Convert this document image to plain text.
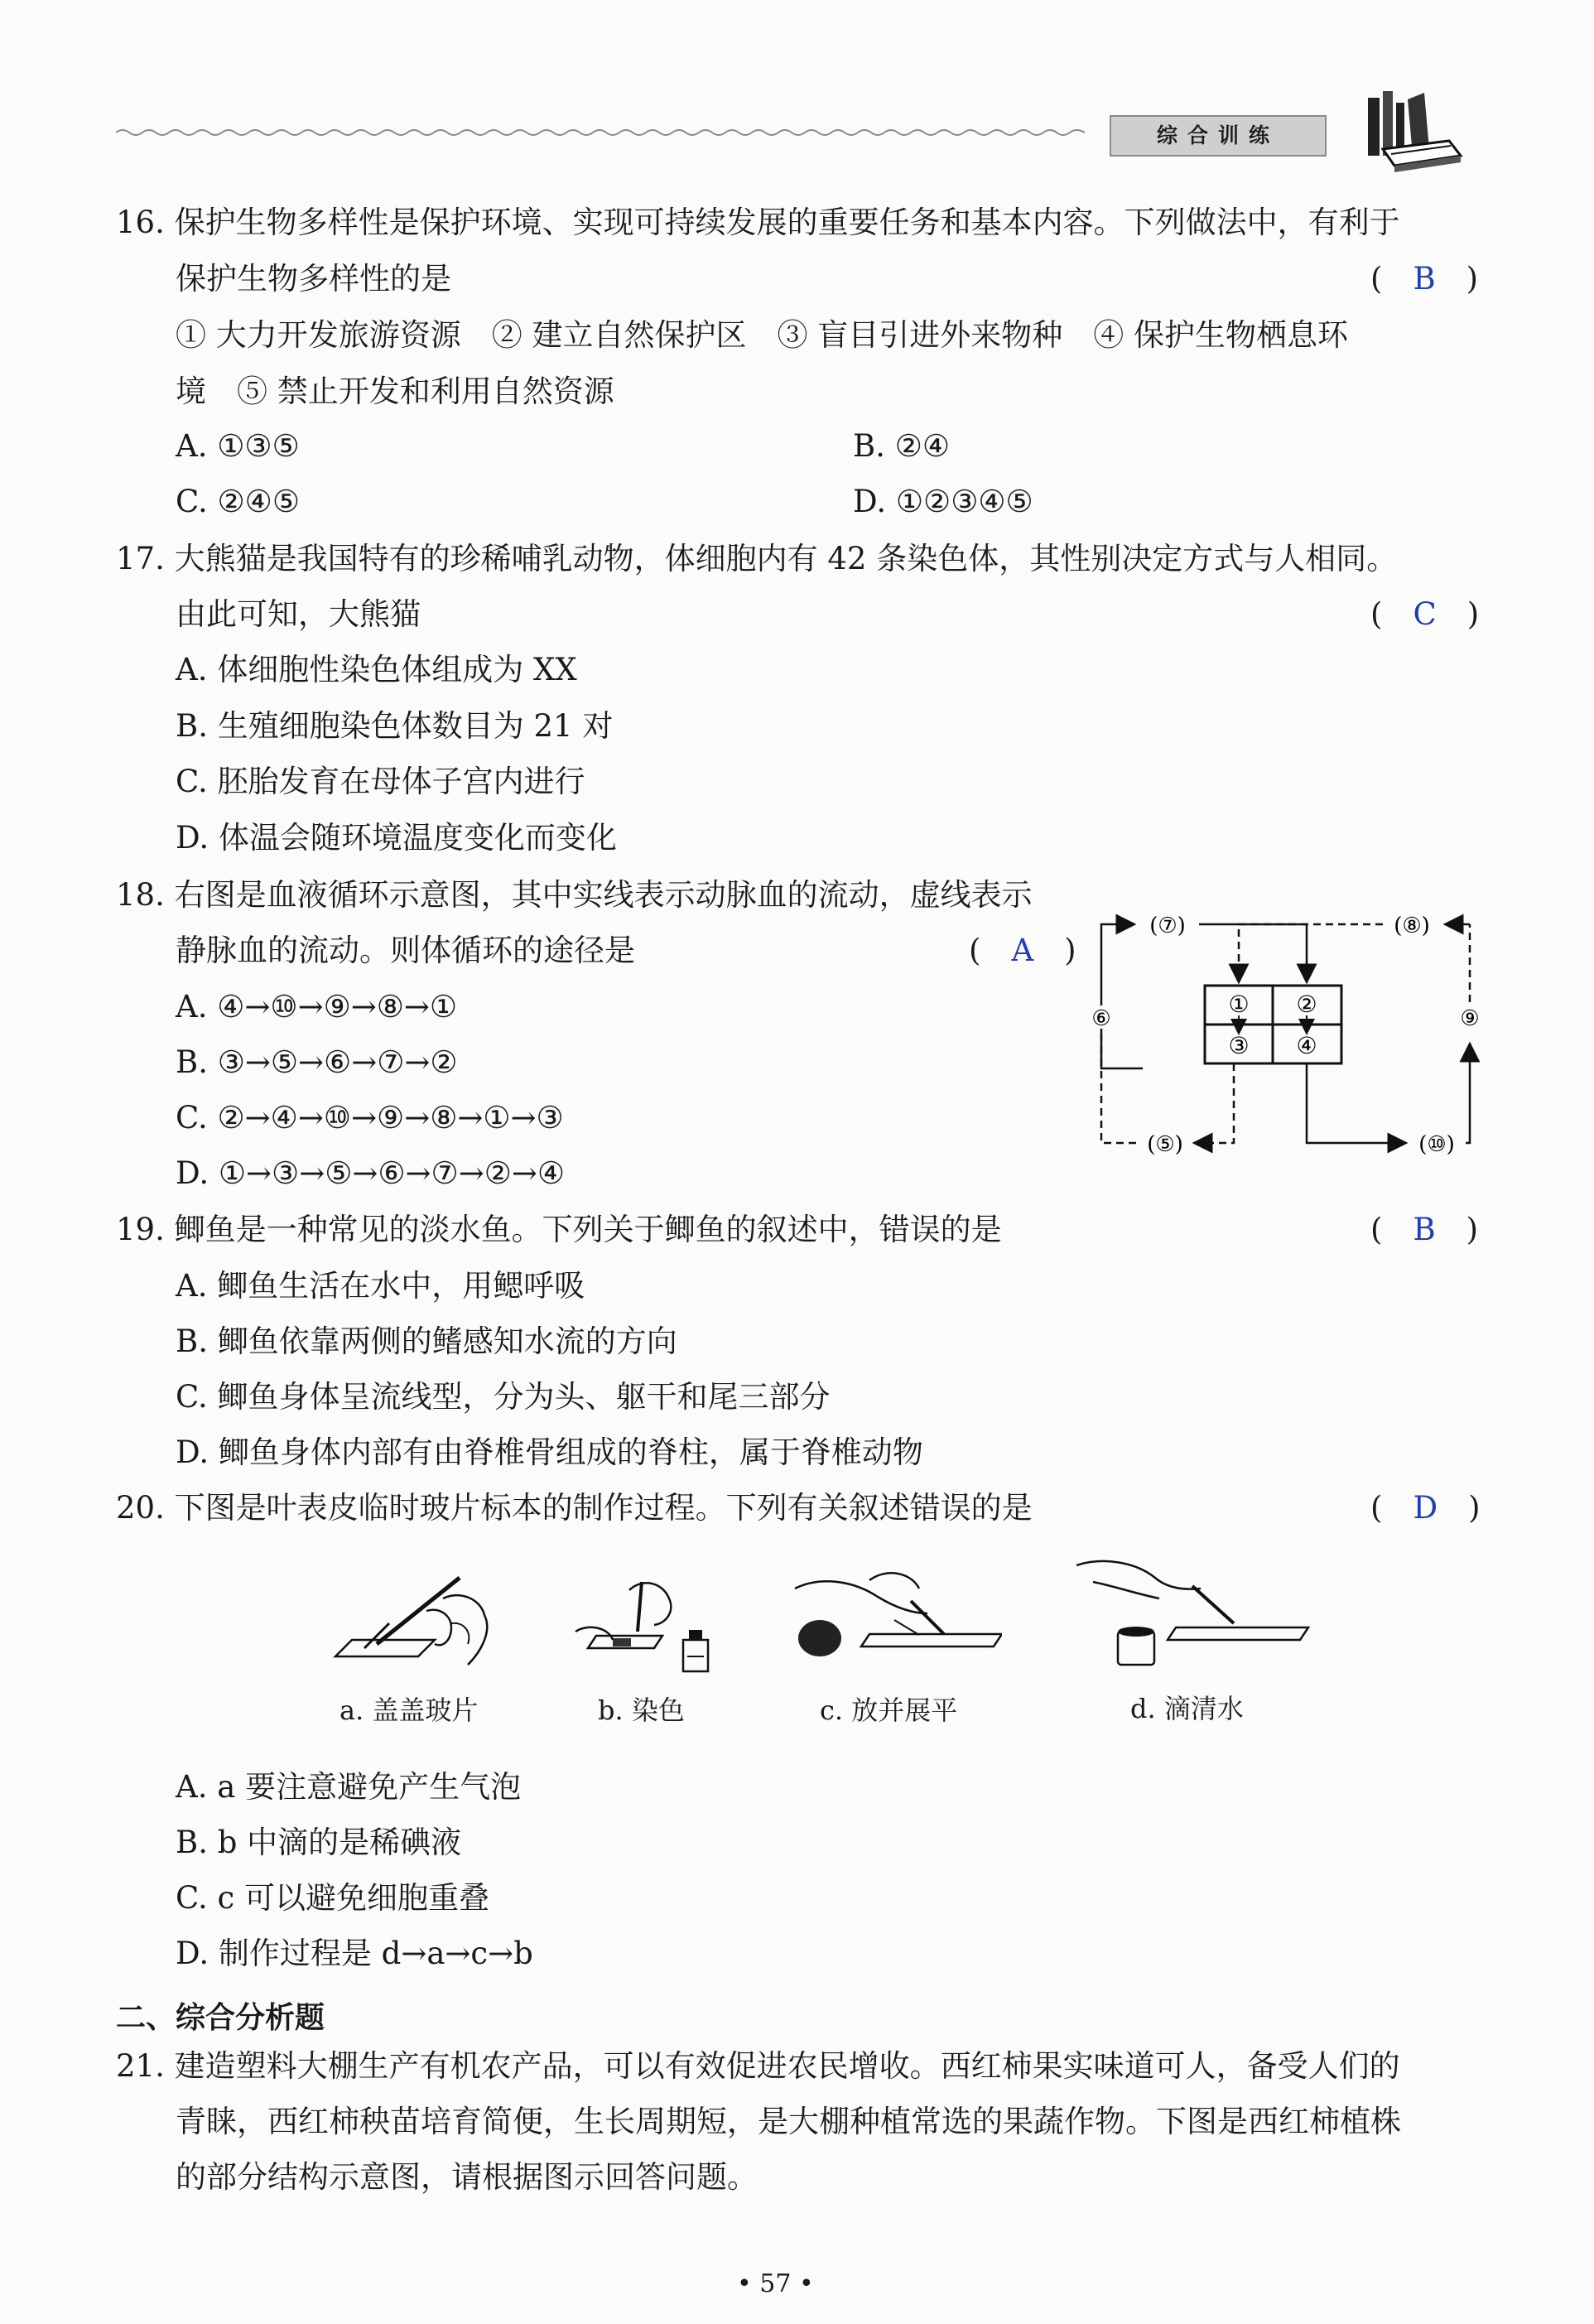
综合训练
16. 保护生物多样性是保护环境、实现可持续发展的重要任务和基本内容。下列做法中，有利于
保护生物多样性的是	(　B　)
① 大力开发旅游资源　② 建立自然保护区　③ 盲目引进外来物种　④ 保护生物栖息环
境　⑤ 禁止开发和利用自然资源
A. ①③⑤	B. ②④
C. ②④⑤	D. ①②③④⑤
17. 大熊猫是我国特有的珍稀哺乳动物，体细胞内有 42 条染色体，其性别决定方式与人相同。
由此可知，大熊猫	(　C　)
A. 体细胞性染色体组成为 XX
B. 生殖细胞染色体数目为 21 对
C. 胚胎发育在母体子宫内进行
D. 体温会随环境温度变化而变化
18. 右图是血液循环示意图，其中实线表示动脉血的流动，虚线表示
静脉血的流动。则体循环的途径是	(　A　)
A. ④→⑩→⑨→⑧→①
B. ③→⑤→⑥→⑦→②
C. ②→④→⑩→⑨→⑧→①→③
D. ①→③→⑤→⑥→⑦→②→④
① ②
③ ④
(⑦)
⑥
(⑧)
(⑤)	(⑩)
⑨
19. 鲫鱼是一种常见的淡水鱼。下列关于鲫鱼的叙述中，错误的是	(　B　)
A. 鲫鱼生活在水中，用鳃呼吸
B. 鲫鱼依靠两侧的鳍感知水流的方向
C. 鲫鱼身体呈流线型，分为头、躯干和尾三部分
D. 鲫鱼身体内部有由脊椎骨组成的脊柱，属于脊椎动物
20. 下图是叶表皮临时玻片标本的制作过程。下列有关叙述错误的是	(　D　)
a. 盖盖玻片	b. 染色	c. 放并展平	d. 滴清水
A. a 要注意避免产生气泡
B. b 中滴的是稀碘液
C. c 可以避免细胞重叠
D. 制作过程是 d→a→c→b
二、综合分析题
21. 建造塑料大棚生产有机农产品，可以有效促进农民增收。西红柿果实味道可人，备受人们的
青睐，西红柿秧苗培育简便，生长周期短，是大棚种植常选的果蔬作物。下图是西红柿植株
的部分结构示意图，请根据图示回答问题。
• 57 •
